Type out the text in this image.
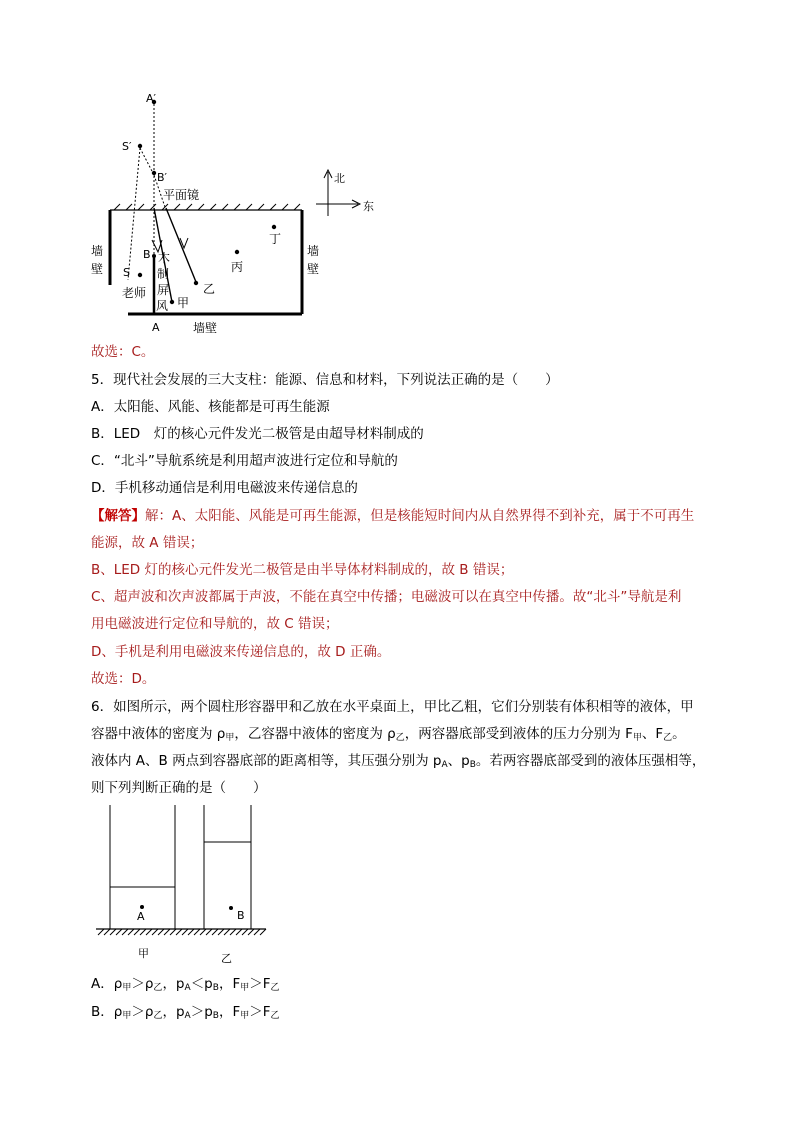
A′
S′
B′
平面镜
北
东
丁
丙
B
S
乙
甲
老师
木
制
屏
风
A
墙
壁
墙
壁
墙壁
故选：C。
5．现代社会发展的三大支柱：能源、信息和材料，下列说法正确的是（　　）
A．太阳能、风能、核能都是可再生能源
B．LED　灯的核心元件发光二极管是由超导材料制成的
C．“北斗”导航系统是利用超声波进行定位和导航的
D．手机移动通信是利用电磁波来传递信息的
【解答】解：A、太阳能、风能是可再生能源，但是核能短时间内从自然界得不到补充，属于不可再生
能源，故 A 错误；
B、LED 灯的核心元件发光二极管是由半导体材料制成的，故 B 错误；
C、超声波和次声波都属于声波，不能在真空中传播；电磁波可以在真空中传播。故“北斗”导航是利
用电磁波进行定位和导航的，故 C 错误；
D、手机是利用电磁波来传递信息的，故 D 正确。
故选：D。
6．如图所示，两个圆柱形容器甲和乙放在水平桌面上，甲比乙粗，它们分别装有体积相等的液体，甲
容器中液体的密度为 $\rho_甲$，乙容器中液体的密度为 $\rho_乙$，两容器底部受到液体的压力分别为 $F_甲$、$F_乙$。
液体内 A、B 两点到容器底部的距离相等，其压强分别为 $p_A$、$p_B$。若两容器底部受到的液体压强相等，
则下列判断正确的是（　　）
A	B
甲	乙
A．$\rho_甲>\rho_乙$，$p_A<p_B$，$F_甲>F_乙$
B．$\rho_甲>\rho_乙$，$p_A>p_B$，$F_甲>F_乙$
